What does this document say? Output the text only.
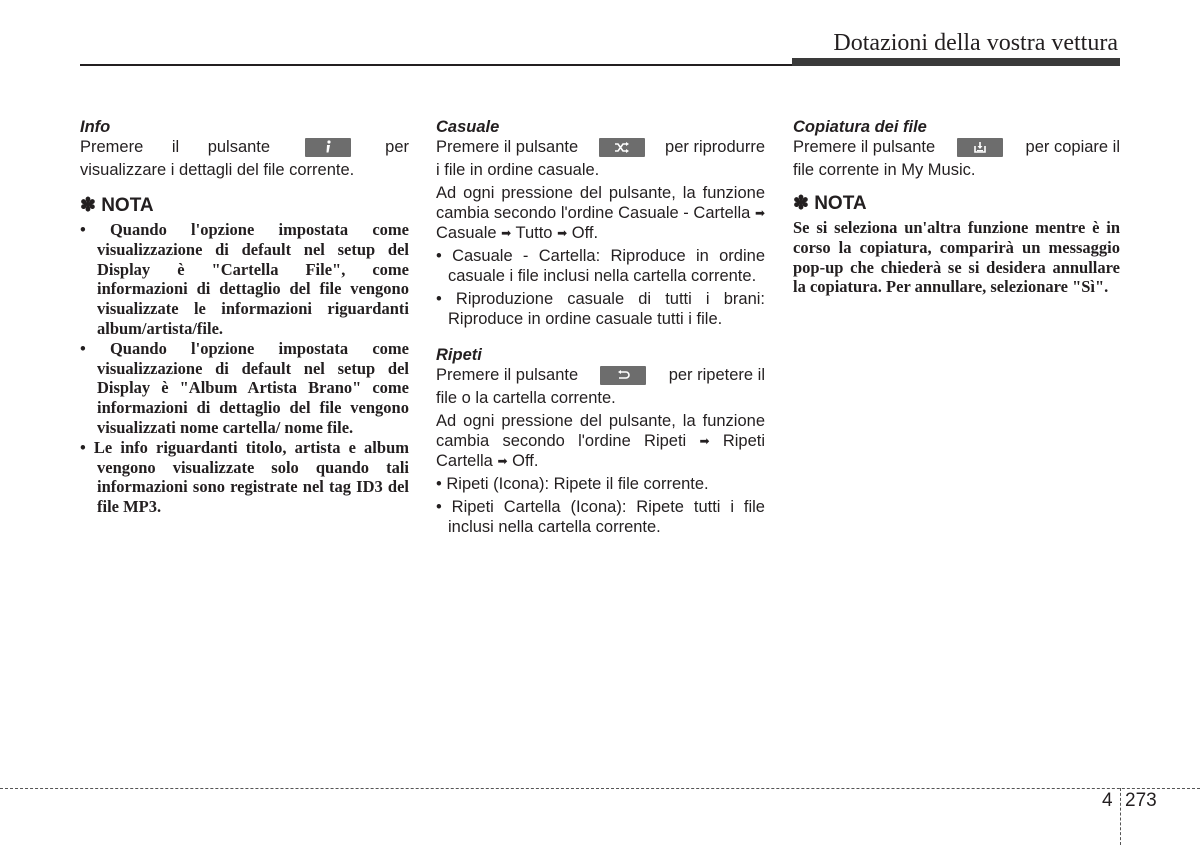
Dotazioni della vostra vettura
Info
Premere il pulsante	per
visualizzare i dettagli del file corrente.
✽ NOTA
• Quando l'opzione impostata come visualizzazione di default nel setup del Display è "Cartella File", come informazioni di dettaglio del file vengono visualizzate le informazioni riguardanti album/artista/file.
• Quando l'opzione impostata come visualizzazione di default nel setup del Display è "Album Artista Brano" come informazioni di dettaglio del file vengono visualizzati nome cartella/ nome file.
• Le info riguardanti titolo, artista e album vengono visualizzate solo quando tali informazioni sono registrate nel tag ID3 del file MP3.
Casuale
Premere il pulsante	per riprodurre
i file in ordine casuale.
Ad ogni pressione del pulsante, la funzione cambia secondo l'ordine Casuale - Cartella ➡ Casuale ➡ Tutto ➡ Off.
• Casuale - Cartella: Riproduce in ordine casuale i file inclusi nella cartella corrente.
• Riproduzione casuale di tutti i brani: Riproduce in ordine casuale tutti i file.
Ripeti
Premere il pulsante	per ripetere il
file o la cartella corrente.
Ad ogni pressione del pulsante, la funzione cambia secondo l'ordine Ripeti ➡ Ripeti Cartella ➡ Off.
• Ripeti (Icona): Ripete il file corrente.
• Ripeti Cartella (Icona): Ripete tutti i file inclusi nella cartella corrente.
Copiatura dei file
Premere il pulsante	per copiare il
file corrente in My Music.
✽ NOTA
Se si seleziona un'altra funzione mentre è in corso la copiatura, comparirà un messaggio pop-up che chiederà se si desidera annullare la copiatura. Per annullare, selezionare "Sì".
4 273
